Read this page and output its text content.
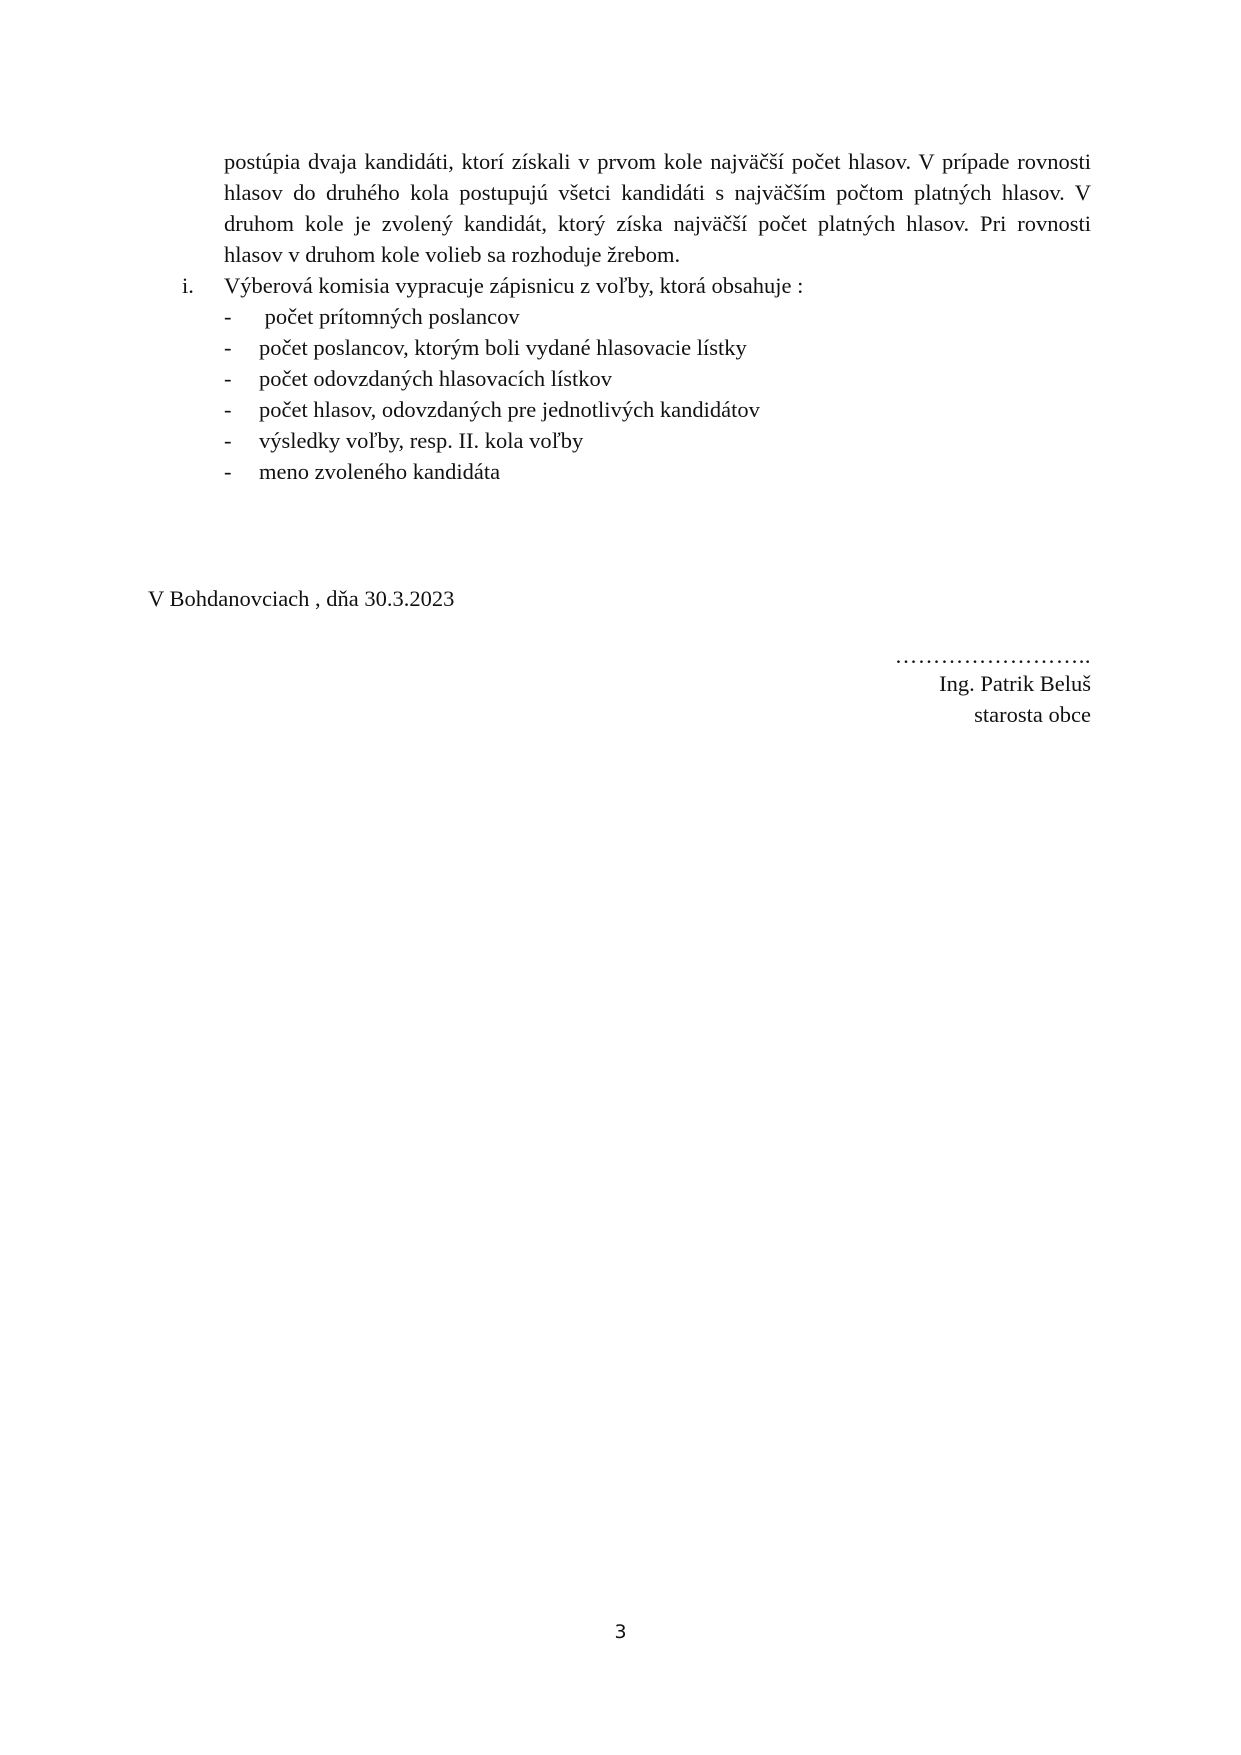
postúpia dvaja kandidáti, ktorí získali v prvom kole najväčší počet hlasov. V prípade rovnosti hlasov do druhého kola postupujú všetci kandidáti s najväčším počtom platných hlasov. V druhom kole je zvolený kandidát, ktorý získa najväčší počet platných hlasov. Pri rovnosti hlasov v druhom kole volieb sa rozhoduje žrebom.
i. Výberová komisia vypracuje zápisnicu z voľby, ktorá obsahuje :
- počet prítomných poslancov
- počet poslancov, ktorým boli vydané hlasovacie lístky
- počet odovzdaných hlasovacích lístkov
- počet hlasov, odovzdaných pre jednotlivých kandidátov
- výsledky voľby, resp. II. kola voľby
- meno zvoleného kandidáta
V Bohdanovciach , dňa 30.3.2023
……………………..
Ing. Patrik Beluš
starosta obce
3
